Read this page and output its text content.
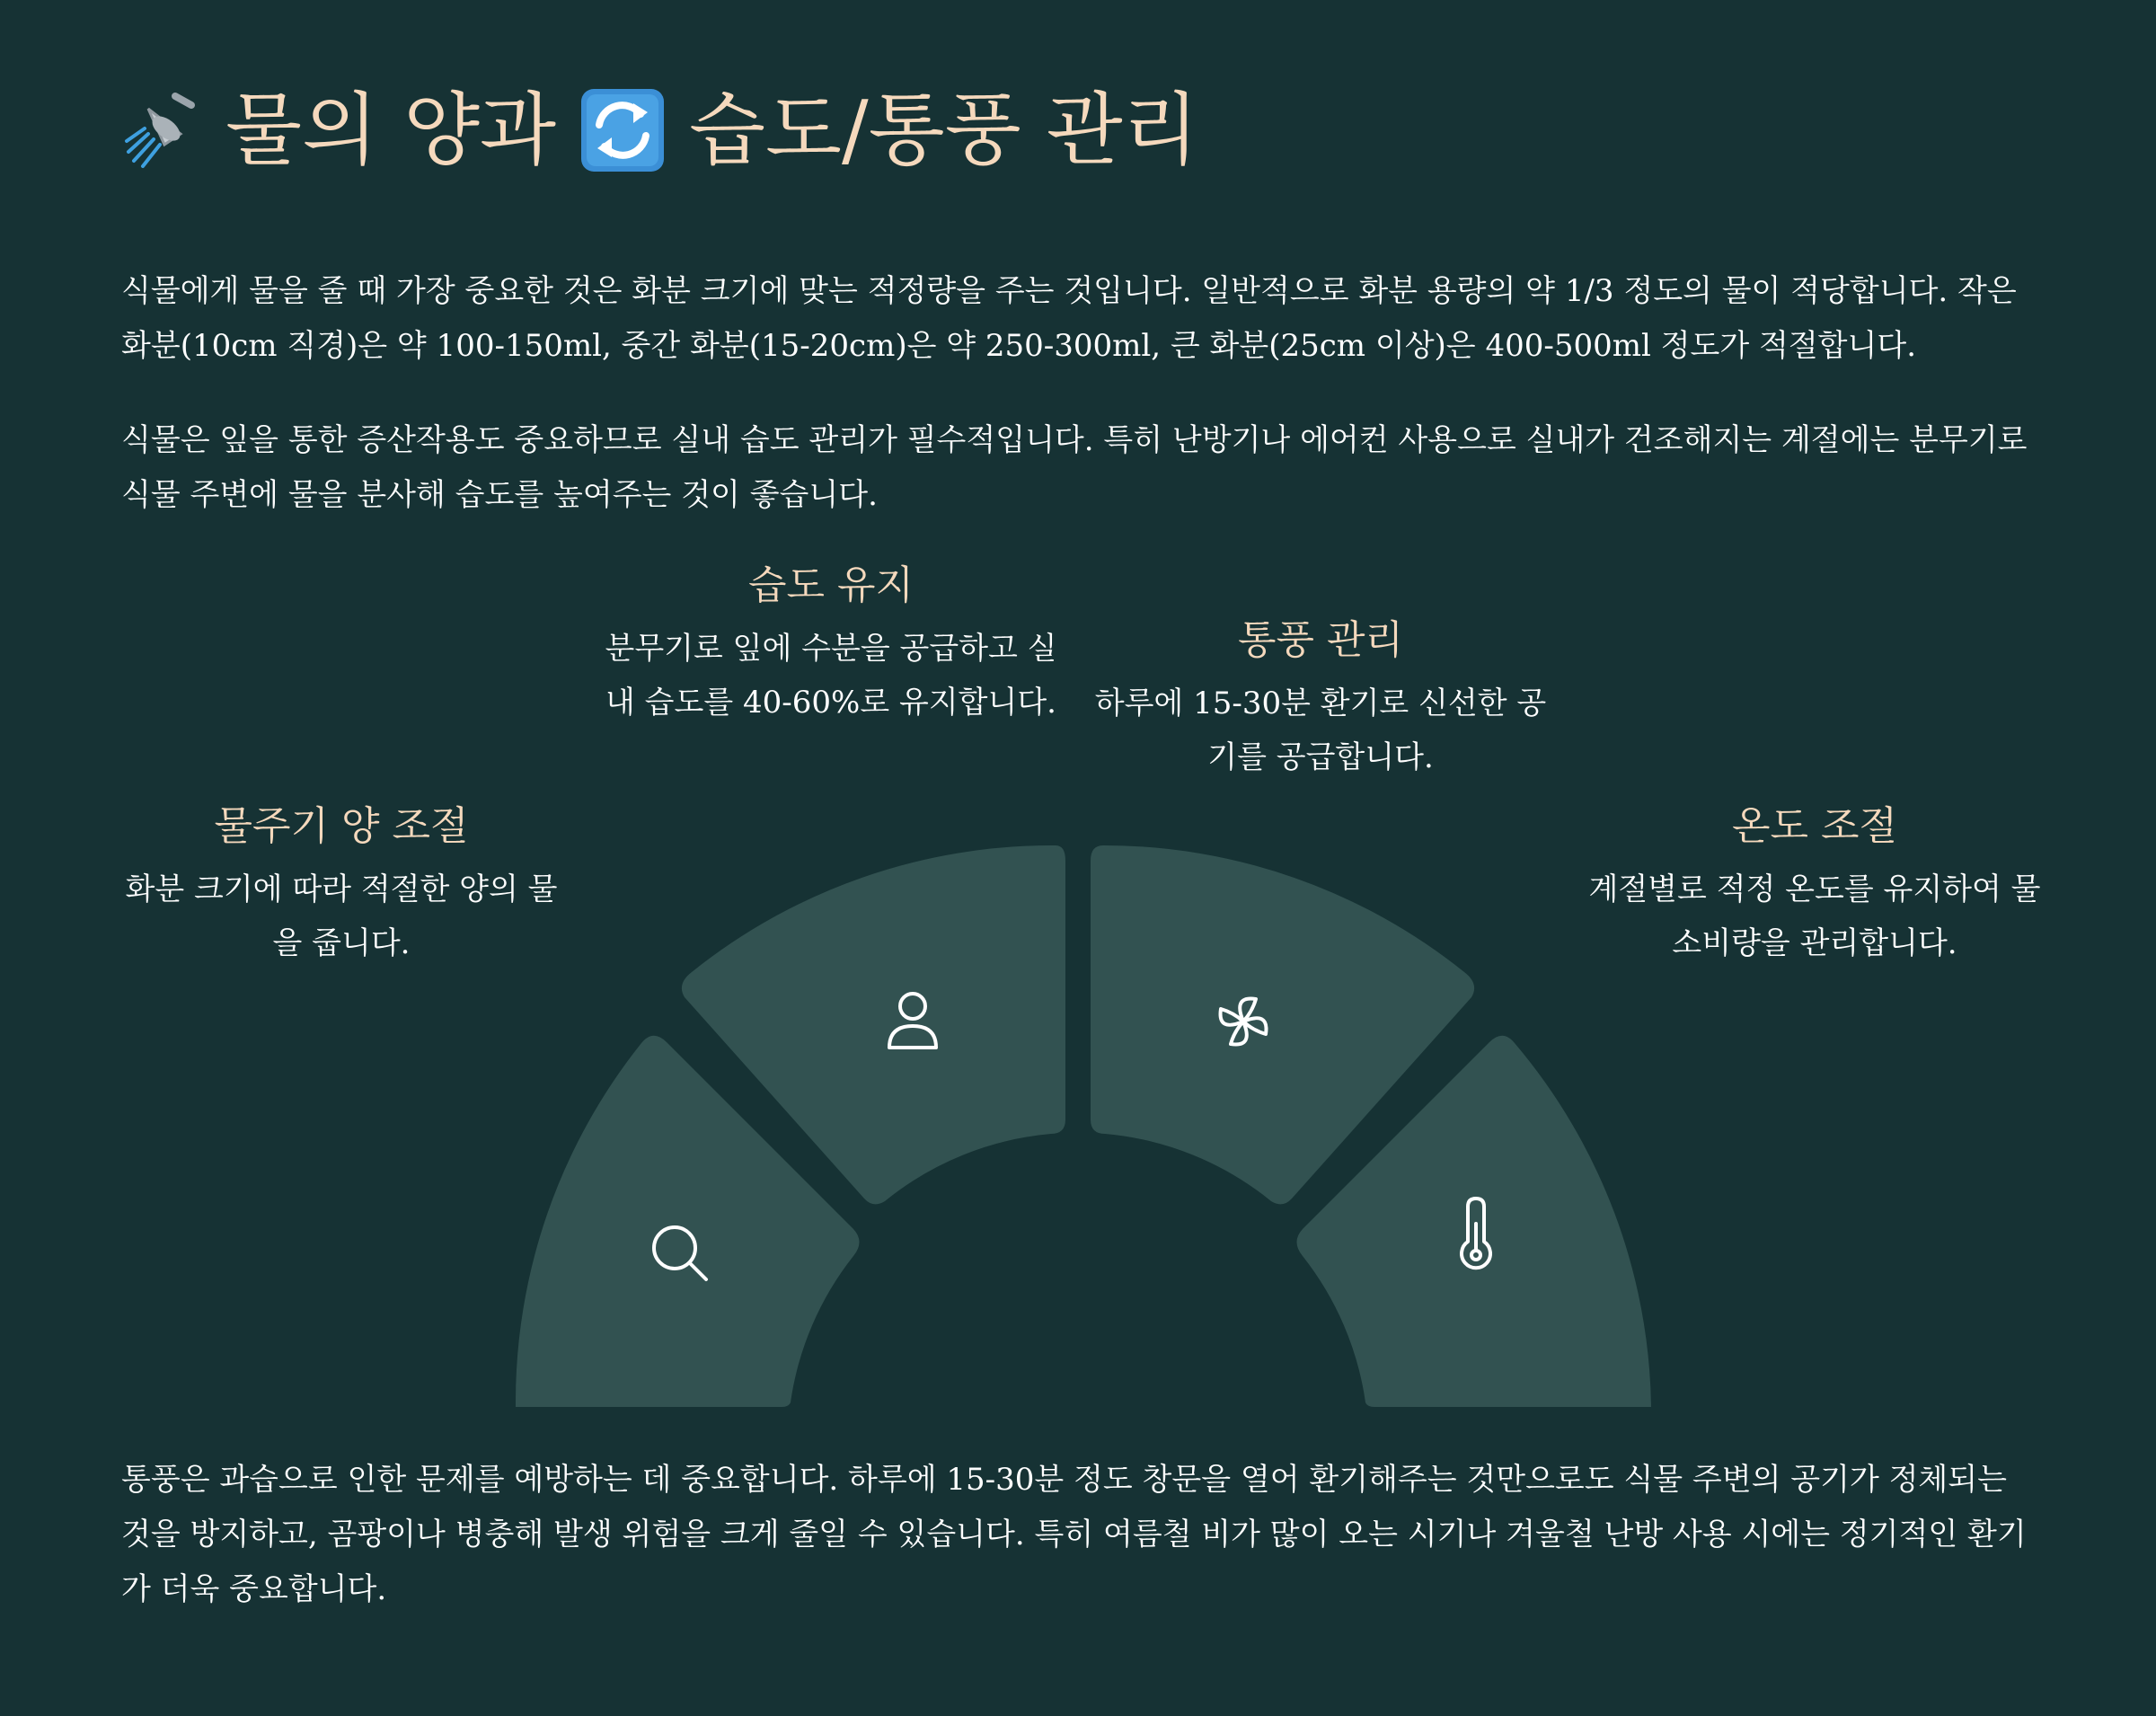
물의 양과 습도/통풍 관리

식물에게 물을 줄 때 가장 중요한 것은 화분 크기에 맞는 적정량을 주는 것입니다. 일반적으로 화분 용량의 약 1/3 정도의 물이 적당합니다. 작은 화분(10cm 직경)은 약 100-150ml, 중간 화분(15-20cm)은 약 250-300ml, 큰 화분(25cm 이상)은 400-500ml 정도가 적절합니다.

식물은 잎을 통한 증산작용도 중요하므로 실내 습도 관리가 필수적입니다. 특히 난방기나 에어컨 사용으로 실내가 건조해지는 계절에는 분무기로 식물 주변에 물을 분사해 습도를 높여주는 것이 좋습니다.

물주기 양 조절

화분 크기에 따라 적절한 양의 물을 줍니다.

습도 유지

분무기로 잎에 수분을 공급하고 실내 습도를 40-60%로 유지합니다.

통풍 관리

하루에 15-30분 환기로 신선한 공기를 공급합니다.

온도 조절

계절별로 적정 온도를 유지하여 물 소비량을 관리합니다.

통풍은 과습으로 인한 문제를 예방하는 데 중요합니다. 하루에 15-30분 정도 창문을 열어 환기해주는 것만으로도 식물 주변의 공기가 정체되는 것을 방지하고, 곰팡이나 병충해 발생 위험을 크게 줄일 수 있습니다. 특히 여름철 비가 많이 오는 시기나 겨울철 난방 사용 시에는 정기적인 환기가 더욱 중요합니다.
